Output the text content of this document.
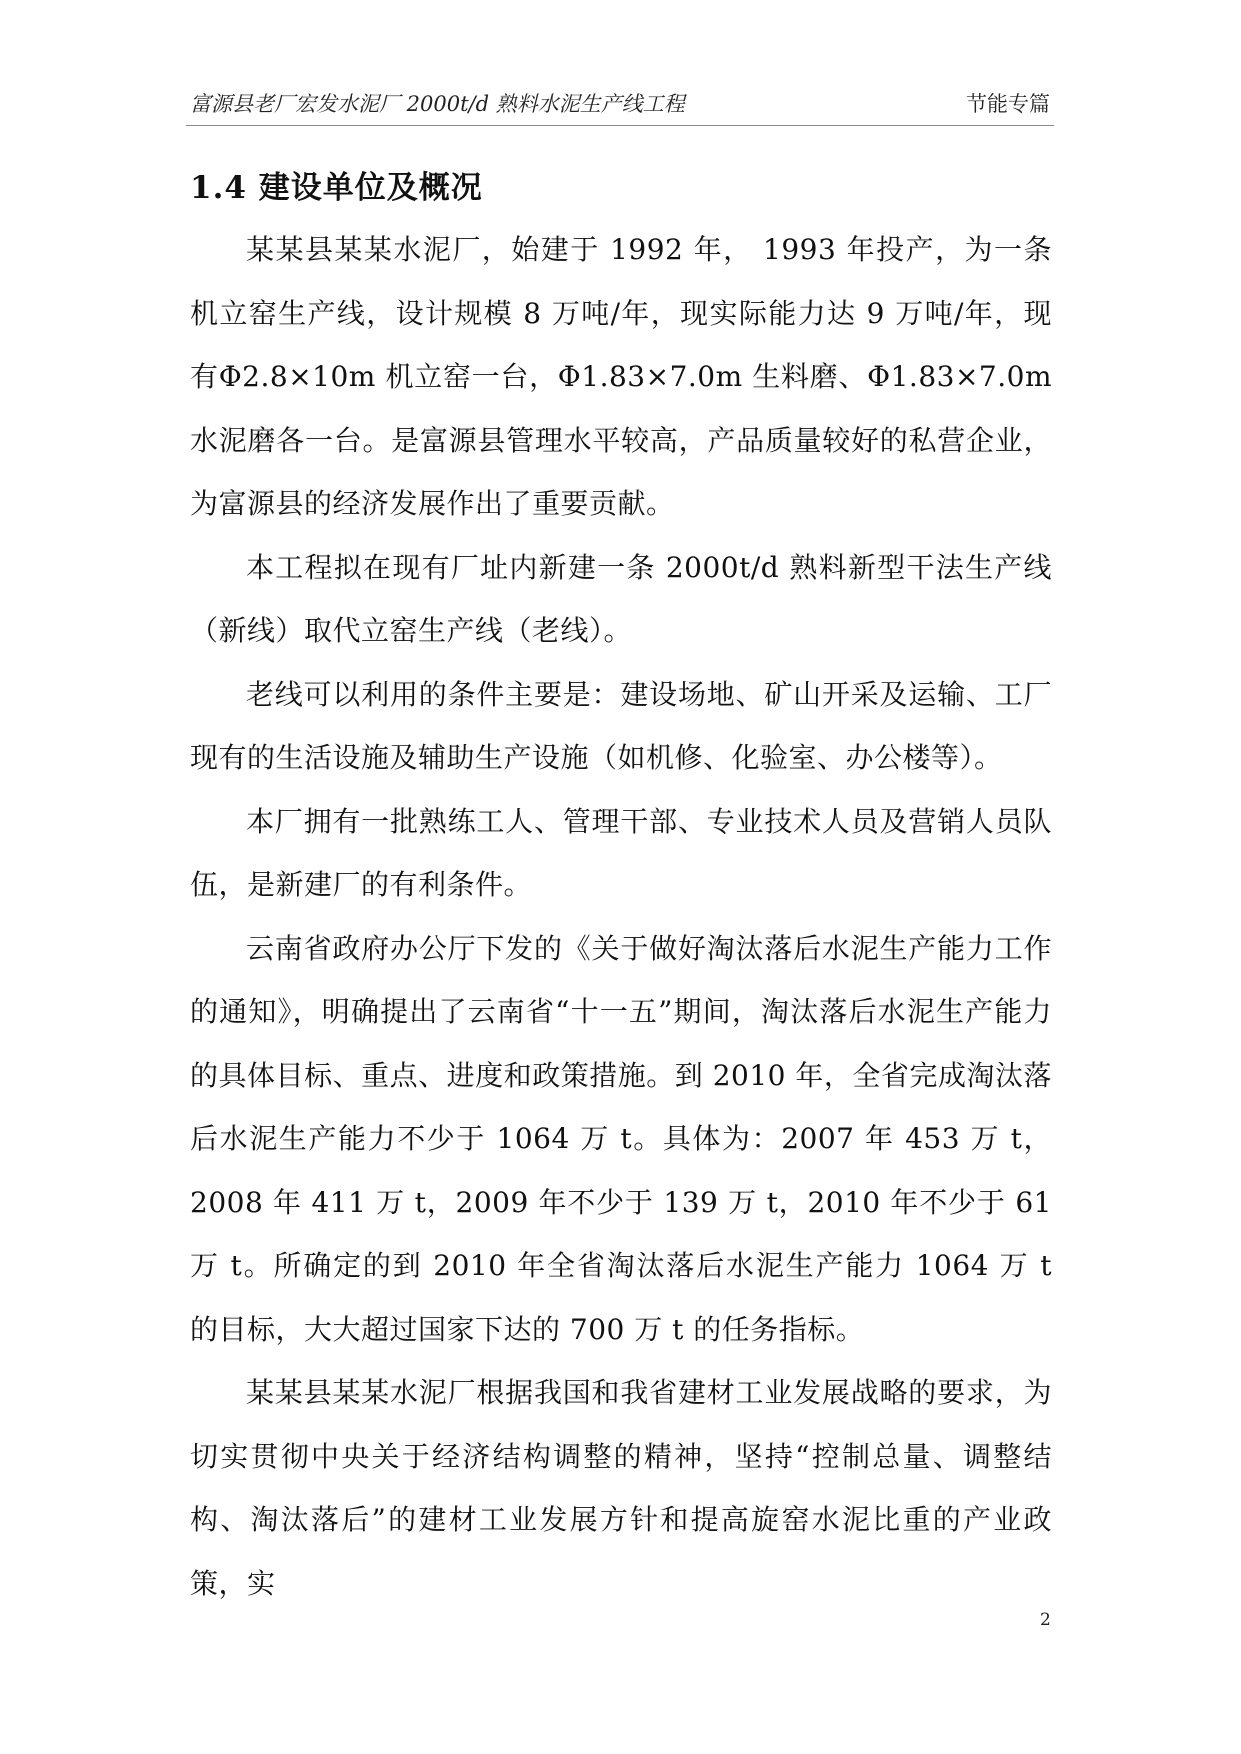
富源县老厂宏发水泥厂 2000t/d 熟料水泥生产线工程	节能专篇
1.4 建设单位及概况

某某县某某水泥厂，始建于 1992 年， 1993 年投产，为一条机立窑生产线，设计规模 8 万吨/年，现实际能力达 9 万吨/年，现有Φ2.8×10m 机立窑一台，Φ1.83×7.0m 生料磨、Φ1.83×7.0m 水泥磨各一台。是富源县管理水平较高，产品质量较好的私营企业，为富源县的经济发展作出了重要贡献。

本工程拟在现有厂址内新建一条 2000t/d 熟料新型干法生产线（新线）取代立窑生产线（老线）。

老线可以利用的条件主要是：建设场地、矿山开采及运输、工厂现有的生活设施及辅助生产设施（如机修、化验室、办公楼等）。

本厂拥有一批熟练工人、管理干部、专业技术人员及营销人员队伍，是新建厂的有利条件。

云南省政府办公厅下发的《关于做好淘汰落后水泥生产能力工作的通知》，明确提出了云南省“十一五”期间，淘汰落后水泥生产能力的具体目标、重点、进度和政策措施。到 2010 年，全省完成淘汰落后水泥生产能力不少于 1064 万 t。具体为：2007 年 453 万 t，2008 年 411 万 t，2009 年不少于 139 万 t，2010 年不少于 61 万 t。所确定的到 2010 年全省淘汰落后水泥生产能力 1064 万 t 的目标，大大超过国家下达的 700 万 t 的任务指标。

某某县某某水泥厂根据我国和我省建材工业发展战略的要求，为切实贯彻中央关于经济结构调整的精神，坚持“控制总量、调整结构、淘汰落后”的建材工业发展方针和提高旋窑水泥比重的产业政策，实

2
